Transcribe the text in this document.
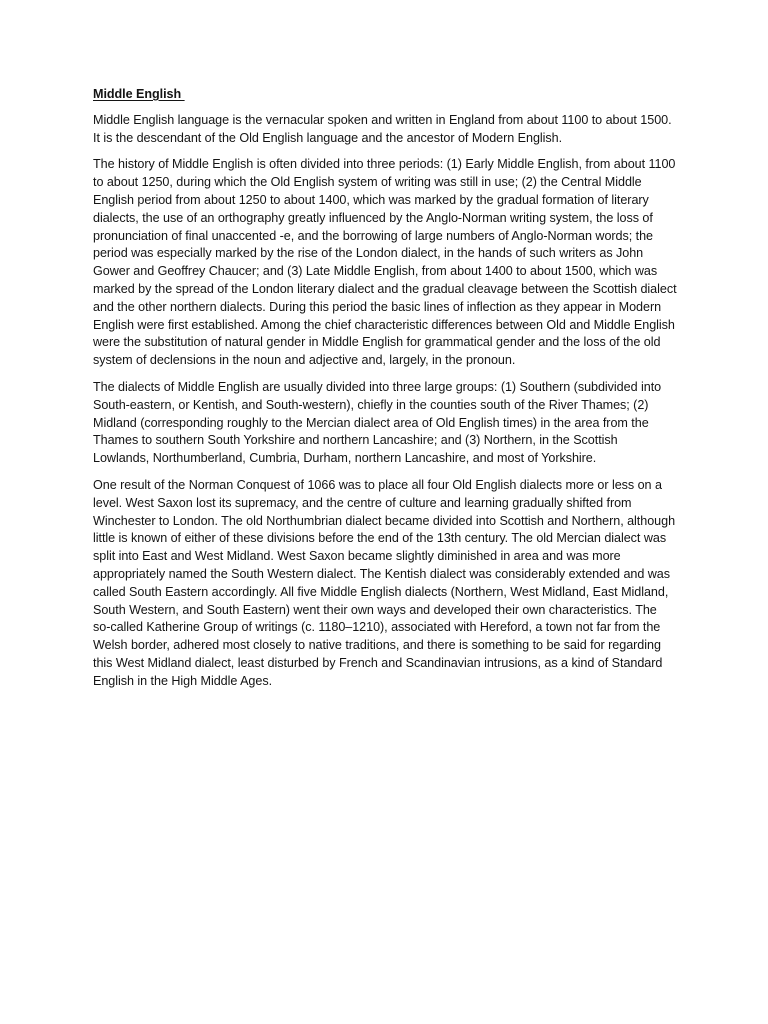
Middle English

Middle English language is the vernacular spoken and written in England from about 1100 to about 1500. It is the descendant of the Old English language and the ancestor of Modern English.

The history of Middle English is often divided into three periods: (1) Early Middle English, from about 1100 to about 1250, during which the Old English system of writing was still in use; (2) the Central Middle English period from about 1250 to about 1400, which was marked by the gradual formation of literary dialects, the use of an orthography greatly influenced by the Anglo-Norman writing system, the loss of pronunciation of final unaccented -e, and the borrowing of large numbers of Anglo-Norman words; the period was especially marked by the rise of the London dialect, in the hands of such writers as John Gower and Geoffrey Chaucer; and (3) Late Middle English, from about 1400 to about 1500, which was marked by the spread of the London literary dialect and the gradual cleavage between the Scottish dialect and the other northern dialects. During this period the basic lines of inflection as they appear in Modern English were first established. Among the chief characteristic differences between Old and Middle English were the substitution of natural gender in Middle English for grammatical gender and the loss of the old system of declensions in the noun and adjective and, largely, in the pronoun.

The dialects of Middle English are usually divided into three large groups: (1) Southern (subdivided into South-eastern, or Kentish, and South-western), chiefly in the counties south of the River Thames; (2) Midland (corresponding roughly to the Mercian dialect area of Old English times) in the area from the Thames to southern South Yorkshire and northern Lancashire; and (3) Northern, in the Scottish Lowlands, Northumberland, Cumbria, Durham, northern Lancashire, and most of Yorkshire.

One result of the Norman Conquest of 1066 was to place all four Old English dialects more or less on a level. West Saxon lost its supremacy, and the centre of culture and learning gradually shifted from Winchester to London. The old Northumbrian dialect became divided into Scottish and Northern, although little is known of either of these divisions before the end of the 13th century. The old Mercian dialect was split into East and West Midland. West Saxon became slightly diminished in area and was more appropriately named the South Western dialect. The Kentish dialect was considerably extended and was called South Eastern accordingly. All five Middle English dialects (Northern, West Midland, East Midland, South Western, and South Eastern) went their own ways and developed their own characteristics. The so-called Katherine Group of writings (c. 1180–1210), associated with Hereford, a town not far from the Welsh border, adhered most closely to native traditions, and there is something to be said for regarding this West Midland dialect, least disturbed by French and Scandinavian intrusions, as a kind of Standard English in the High Middle Ages.
